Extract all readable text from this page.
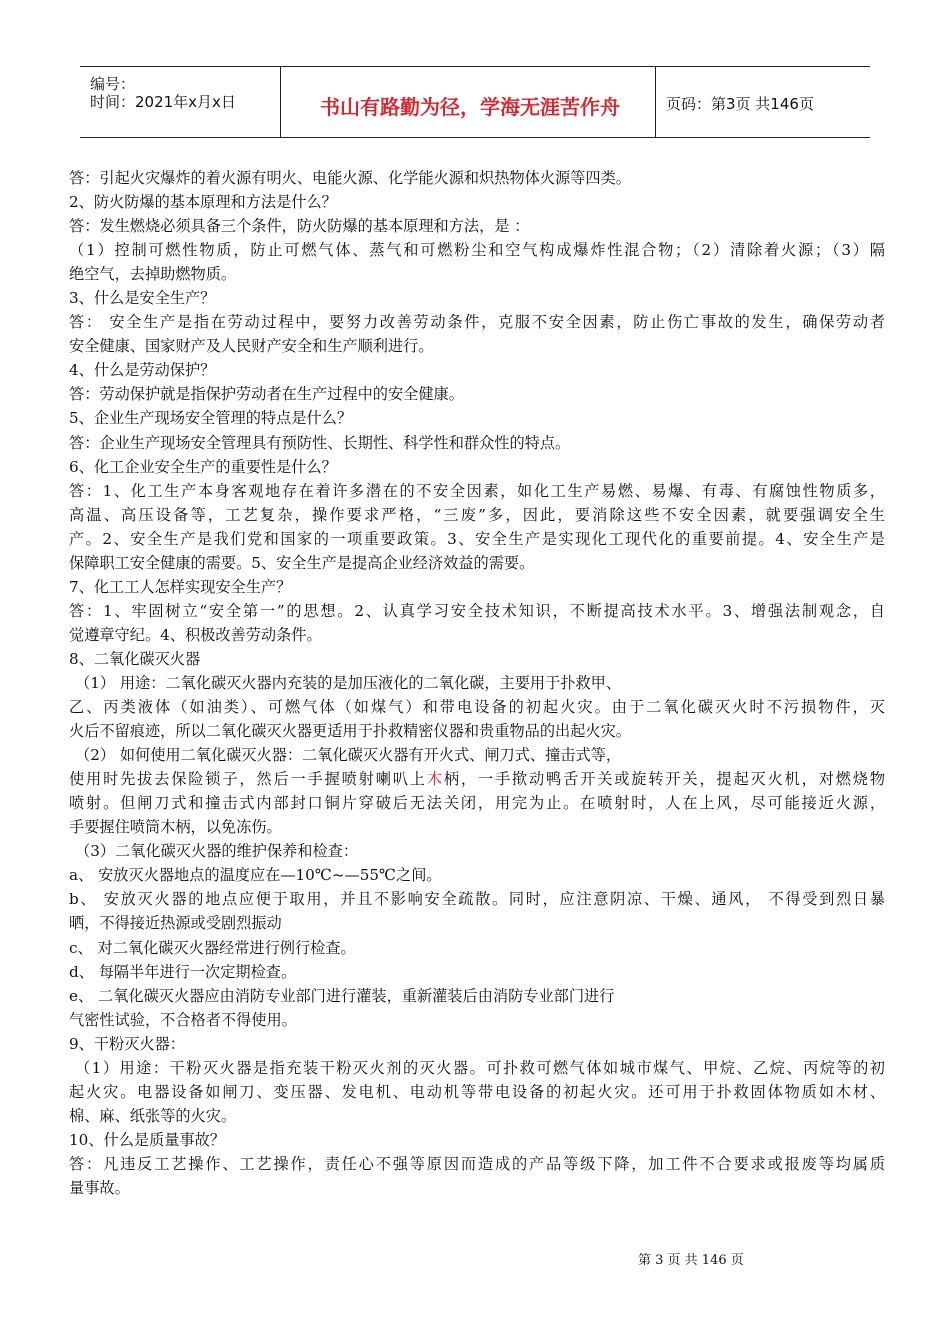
编号：
时间：2021年x月x日	书山有路勤为径，学海无涯苦作舟	页码：第3页 共146页
答：引起火灾爆炸的着火源有明火、电能火源、化学能火源和炽热物体火源等四类。
2、防火防爆的基本原理和方法是什么？
答：发生燃烧必须具备三个条件，防火防爆的基本原理和方法，是 ：
（1）控制可燃性物质，防止可燃气体、蒸气和可燃粉尘和空气构成爆炸性混合物；（2）清除着火源；（3）隔
绝空气，去掉助燃物质。
3、什么是安全生产？
答： 安全生产是指在劳动过程中，要努力改善劳动条件，克服不安全因素，防止伤亡事故的发生，确保劳动者
安全健康、国家财产及人民财产安全和生产顺利进行。
4、什么是劳动保护？
答：劳动保护就是指保护劳动者在生产过程中的安全健康。
5、企业生产现场安全管理的特点是什么？
答：企业生产现场安全管理具有预防性、长期性、科学性和群众性的特点。
6、化工企业安全生产的重要性是什么？
答：1、化工生产本身客观地存在着许多潜在的不安全因素，如化工生产易燃、易爆、有毒、有腐蚀性物质多，
高温、高压设备等，工艺复杂，操作要求严格，“三废”多，因此，要消除这些不安全因素，就要强调安全生
产。2、安全生产是我们党和国家的一项重要政策。3、安全生产是实现化工现代化的重要前提。4、安全生产是
保障职工安全健康的需要。5、安全生产是提高企业经济效益的需要。
7、化工工人怎样实现安全生产？
答：1、牢固树立“安全第一”的思想。2、认真学习安全技术知识，不断提高技术水平。3、增强法制观念，自
觉遵章守纪。4、积极改善劳动条件。
8、二氧化碳灭火器
（1） 用途：二氧化碳灭火器内充装的是加压液化的二氧化碳，主要用于扑救甲、
乙、丙类液体（如油类）、可燃气体（如煤气）和带电设备的初起火灾。由于二氧化碳灭火时不污损物件，灭
火后不留痕迹，所以二氧化碳灭火器更适用于扑救精密仪器和贵重物品的出起火灾。
（2） 如何使用二氧化碳灭火器：二氧化碳灭火器有开火式、闸刀式、撞击式等，
使用时先拔去保险锁子，然后一手握喷射喇叭上木柄，一手揿动鸭舌开关或旋转开关，提起灭火机，对燃烧物
喷射。但闸刀式和撞击式内部封口铜片穿破后无法关闭，用完为止。在喷射时，人在上风，尽可能接近火源，
手要握住喷筒木柄，以免冻伤。
（3）二氧化碳灭火器的维护保养和检查：
a、 安放灭火器地点的温度应在—10℃~—55℃之间。
b、 安放灭火器的地点应便于取用，并且不影响安全疏散。同时，应注意阴凉、干燥、通风， 不得受到烈日暴
晒，不得接近热源或受剧烈振动
c、 对二氧化碳灭火器经常进行例行检查。
d、 每隔半年进行一次定期检查。
e、 二氧化碳灭火器应由消防专业部门进行灌装，重新灌装后由消防专业部门进行
气密性试验，不合格者不得使用。
9、干粉灭火器：
（1）用途：干粉灭火器是指充装干粉灭火剂的灭火器。可扑救可燃气体如城市煤气、甲烷、乙烷、丙烷等的初
起火灾。电器设备如闸刀、变压器、发电机、电动机等带电设备的初起火灾。还可用于扑救固体物质如木材、
棉、麻、纸张等的火灾。
10、什么是质量事故？
答：凡违反工艺操作、工艺操作，责任心不强等原因而造成的产品等级下降，加工件不合要求或报废等均属质
量事故。
第 3 页 共 146 页
